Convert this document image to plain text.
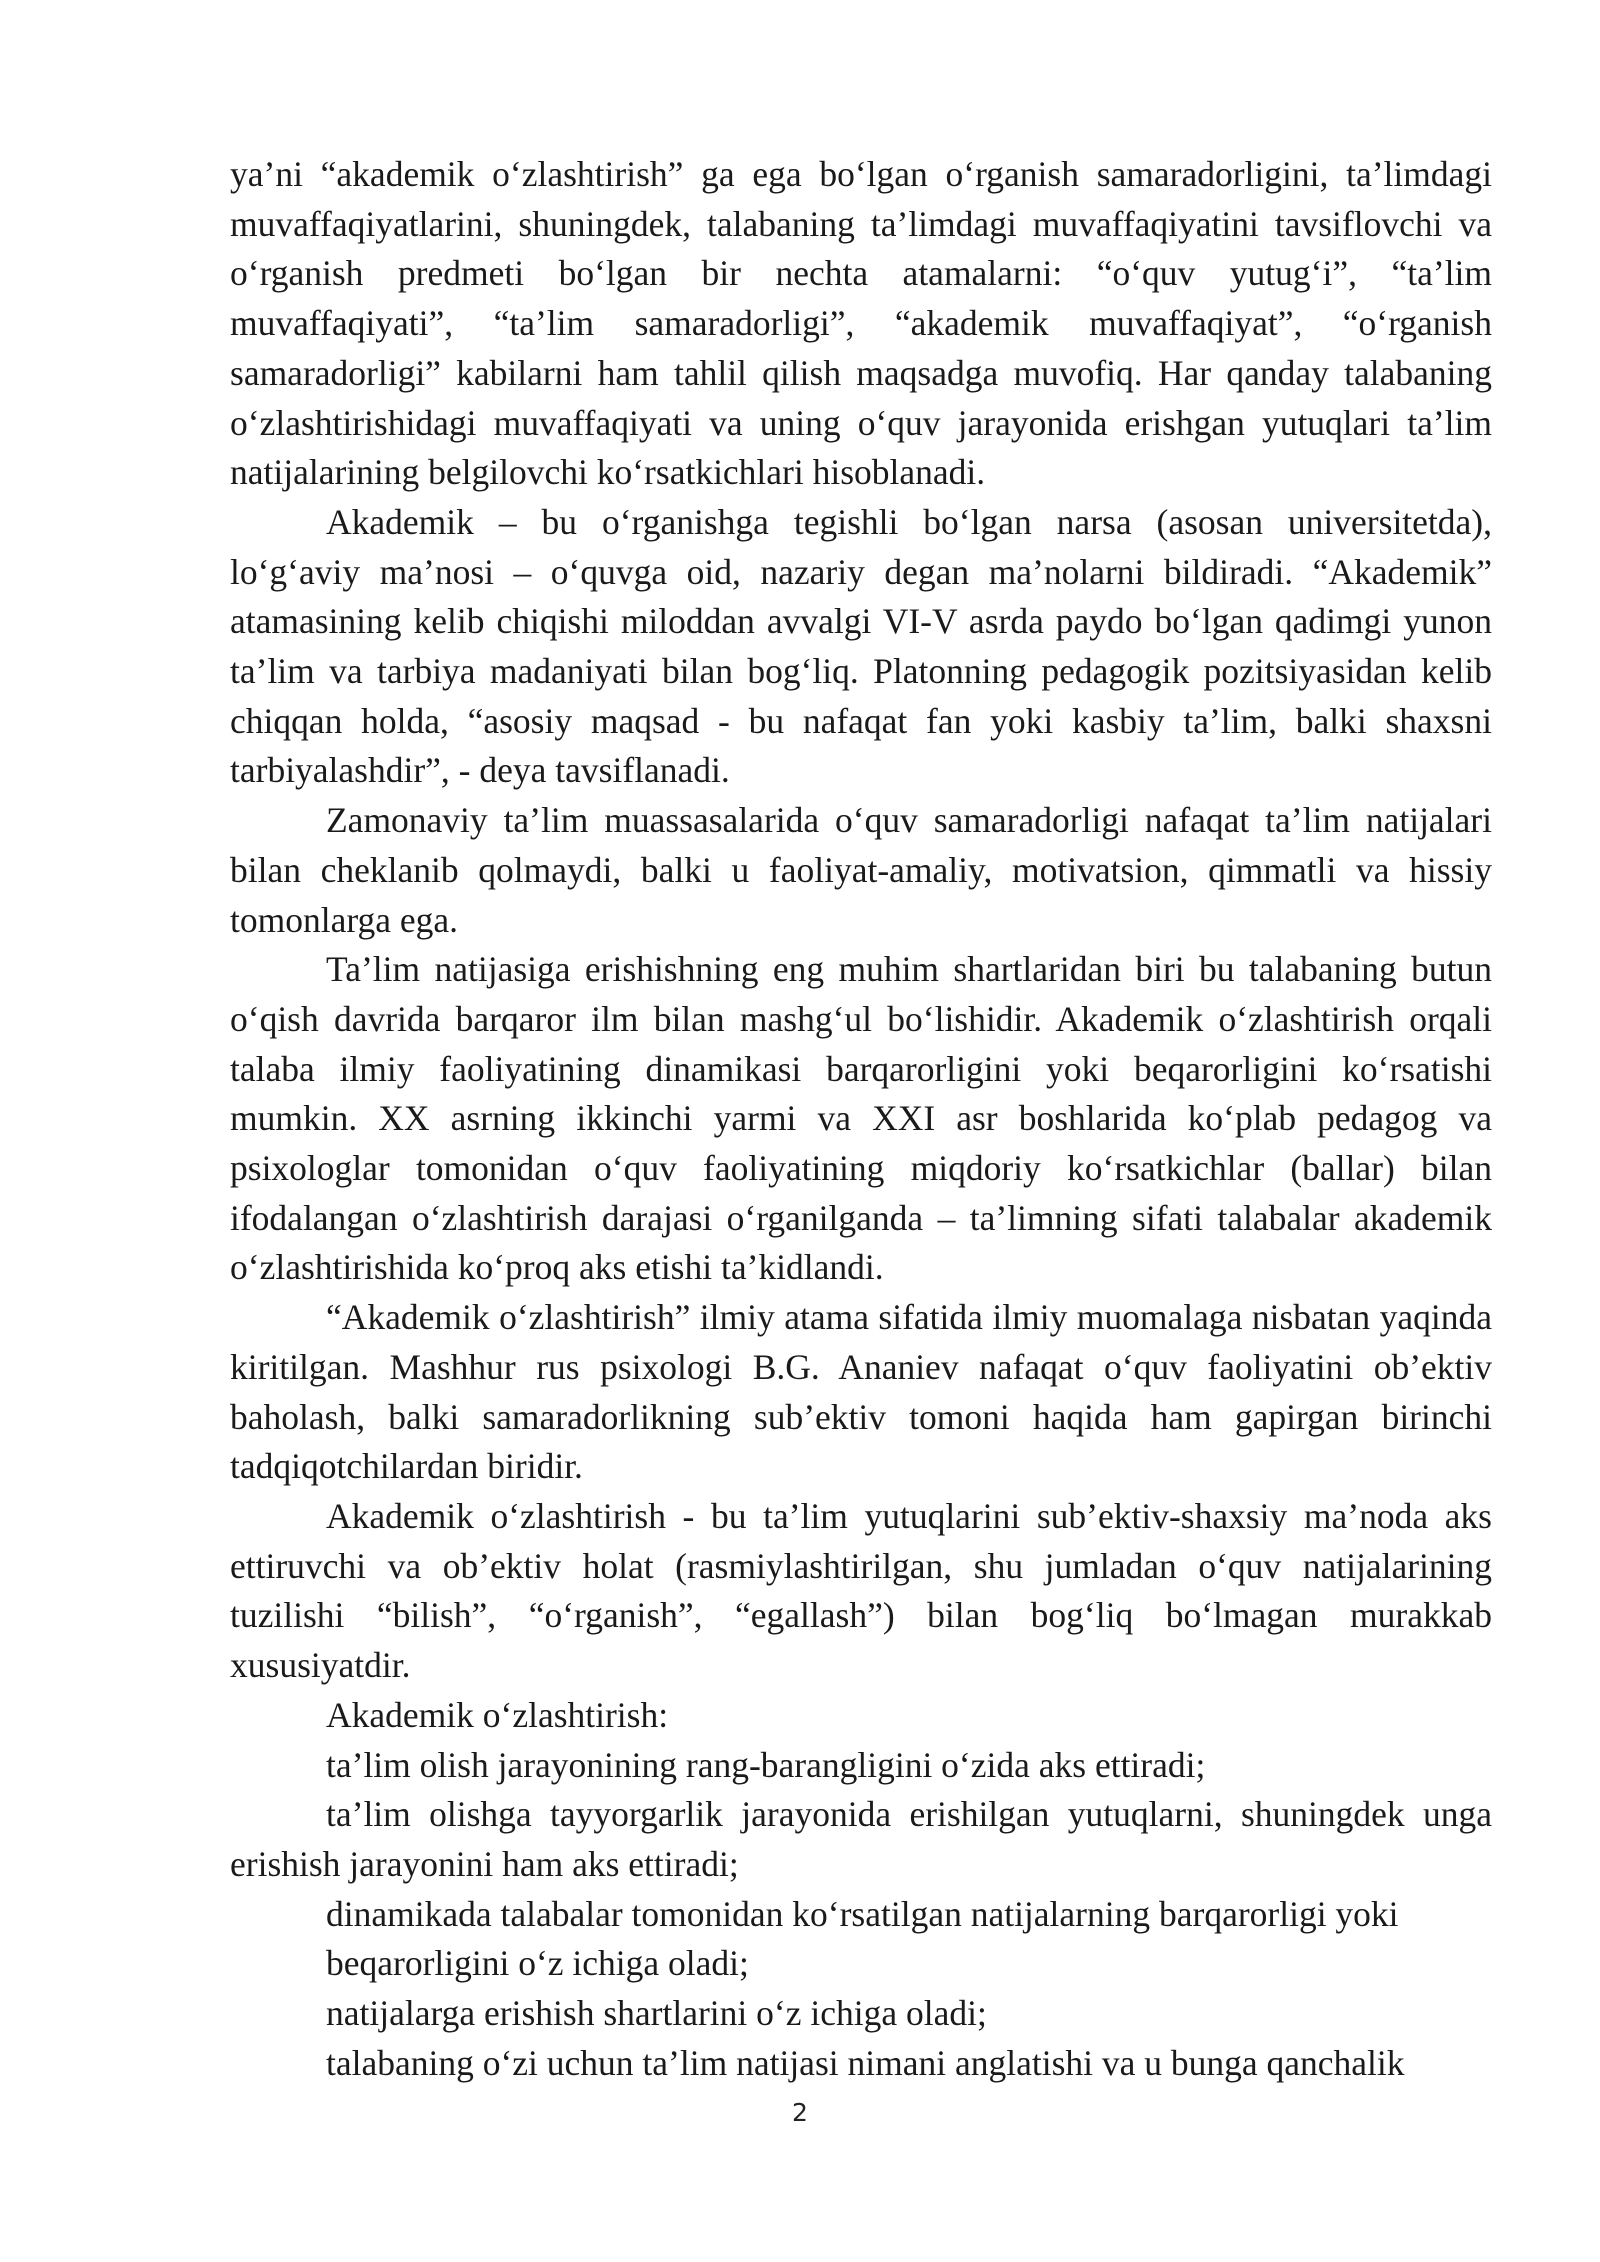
ya’ni “akademik o‘zlashtirish” ga ega bo‘lgan o‘rganish samaradorligini, ta’limdagi muvaffaqiyatlarini, shuningdek, talabaning ta’limdagi muvaffaqiyatini tavsiflovchi va o‘rganish predmeti bo‘lgan bir nechta atamalarni: “o‘quv yutug‘i”, “ta’lim muvaffaqiyati”, “ta’lim samaradorligi”, “akademik muvaffaqiyat”, “o‘rganish samaradorligi” kabilarni ham tahlil qilish maqsadga muvofiq. Har qanday talabaning o‘zlashtirishidagi muvaffaqiyati va uning o‘quv jarayonida erishgan yutuqlari ta’lim natijalarining belgilovchi ko‘rsatkichlari hisoblanadi.

Akademik – bu o‘rganishga tegishli bo‘lgan narsa (asosan universitetda), lo‘g‘aviy ma’nosi – o‘quvga oid, nazariy degan ma’nolarni bildiradi. “Akademik” atamasining kelib chiqishi miloddan avvalgi VI-V asrda paydo bo‘lgan qadimgi yunon ta’lim va tarbiya madaniyati bilan bog‘liq. Platonning pedagogik pozitsiyasidan kelib chiqqan holda, “asosiy maqsad - bu nafaqat fan yoki kasbiy ta’lim, balki shaxsni tarbiyalashdir”, - deya tavsiflanadi.

Zamonaviy ta’lim muassasalarida o‘quv samaradorligi nafaqat ta’lim natijalari bilan cheklanib qolmaydi, balki u faoliyat-amaliy, motivatsion, qimmatli va hissiy tomonlarga ega.

Ta’lim natijasiga erishishning eng muhim shartlaridan biri bu talabaning butun o‘qish davrida barqaror ilm bilan mashg‘ul bo‘lishidir. Akademik o‘zlashtirish orqali talaba ilmiy faoliyatining dinamikasi barqarorligini yoki beqarorligini ko‘rsatishi mumkin. XX asrning ikkinchi yarmi va XXI asr boshlarida ko‘plab pedagog va psixologlar tomonidan o‘quv faoliyatining miqdoriy ko‘rsatkichlar (ballar) bilan ifodalangan o‘zlashtirish darajasi o‘rganilganda – ta’limning sifati talabalar akademik o‘zlashtirishida ko‘proq aks etishi ta’kidlandi.

“Akademik o‘zlashtirish” ilmiy atama sifatida ilmiy muomalaga nisbatan yaqinda kiritilgan. Mashhur rus psixologi B.G. Ananiev nafaqat o‘quv faoliyatini ob’ektiv baholash, balki samaradorlikning sub’ektiv tomoni haqida ham gapirgan birinchi tadqiqotchilardan biridir.

Akademik o‘zlashtirish - bu ta’lim yutuqlarini sub’ektiv-shaxsiy ma’noda aks ettiruvchi va ob’ektiv holat (rasmiylashtirilgan, shu jumladan o‘quv natijalarining tuzilishi “bilish”, “o‘rganish”, “egallash”) bilan bog‘liq bo‘lmagan murakkab xususiyatdir.

Akademik o‘zlashtirish:

ta’lim olish jarayonining rang-barangligini o‘zida aks ettiradi;

ta’lim olishga tayyorgarlik jarayonida erishilgan yutuqlarni, shuningdek unga erishish jarayonini ham aks ettiradi;

dinamikada talabalar tomonidan ko‘rsatilgan natijalarning barqarorligi yoki

beqarorligini o‘z ichiga oladi;

natijalarga erishish shartlarini o‘z ichiga oladi;

talabaning o‘zi uchun ta’lim natijasi nimani anglatishi va u bunga qanchalik

2
